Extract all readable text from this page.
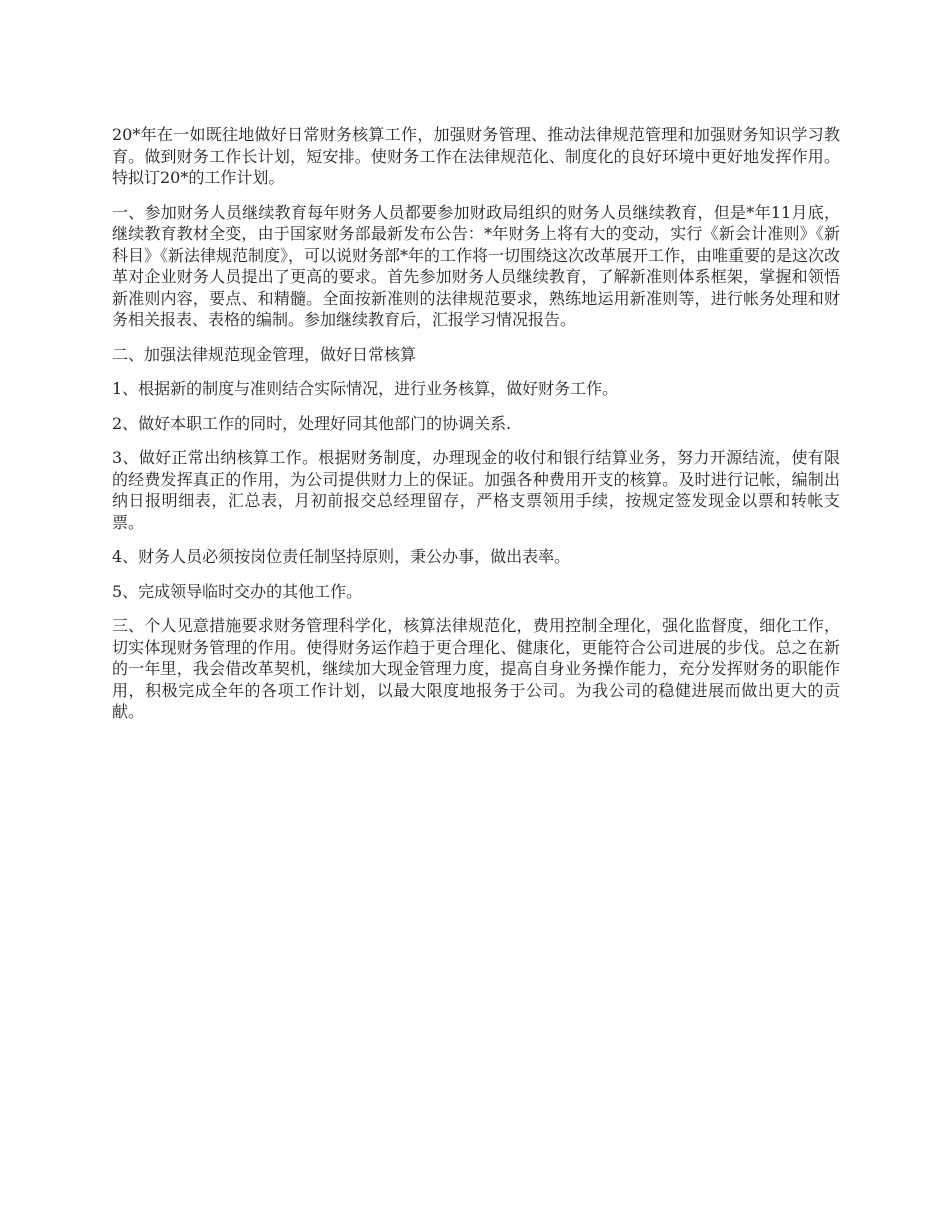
20*年在一如既往地做好日常财务核算工作，加强财务管理、推动法律规范管理和加强财务知识学习教育。做到财务工作长计划，短安排。使财务工作在法律规范化、制度化的良好环境中更好地发挥作用。特拟订20*的工作计划。

一、参加财务人员继续教育每年财务人员都要参加财政局组织的财务人员继续教育，但是*年11月底，继续教育教材全变，由于国家财务部最新发布公告：*年财务上将有大的变动，实行《新会计准则》《新科目》《新法律规范制度》，可以说财务部*年的工作将一切围绕这次改革展开工作，由唯重要的是这次改革对企业财务人员提出了更高的要求。首先参加财务人员继续教育，了解新准则体系框架，掌握和领悟新准则内容，要点、和精髓。全面按新准则的法律规范要求，熟练地运用新准则等，进行帐务处理和财务相关报表、表格的编制。参加继续教育后，汇报学习情况报告。

二、加强法律规范现金管理，做好日常核算

1、根据新的制度与准则结合实际情况，进行业务核算，做好财务工作。

2、做好本职工作的同时，处理好同其他部门的协调关系.

3、做好正常出纳核算工作。根据财务制度，办理现金的收付和银行结算业务，努力开源结流，使有限的经费发挥真正的作用，为公司提供财力上的保证。加强各种费用开支的核算。及时进行记帐，编制出纳日报明细表，汇总表，月初前报交总经理留存，严格支票领用手续，按规定签发现金以票和转帐支票。

4、财务人员必须按岗位责任制坚持原则，秉公办事，做出表率。

5、完成领导临时交办的其他工作。

三、个人见意措施要求财务管理科学化，核算法律规范化，费用控制全理化，强化监督度，细化工作，切实体现财务管理的作用。使得财务运作趋于更合理化、健康化，更能符合公司进展的步伐。总之在新的一年里，我会借改革契机，继续加大现金管理力度，提高自身业务操作能力，充分发挥财务的职能作用，积极完成全年的各项工作计划，以最大限度地报务于公司。为我公司的稳健进展而做出更大的贡献。
